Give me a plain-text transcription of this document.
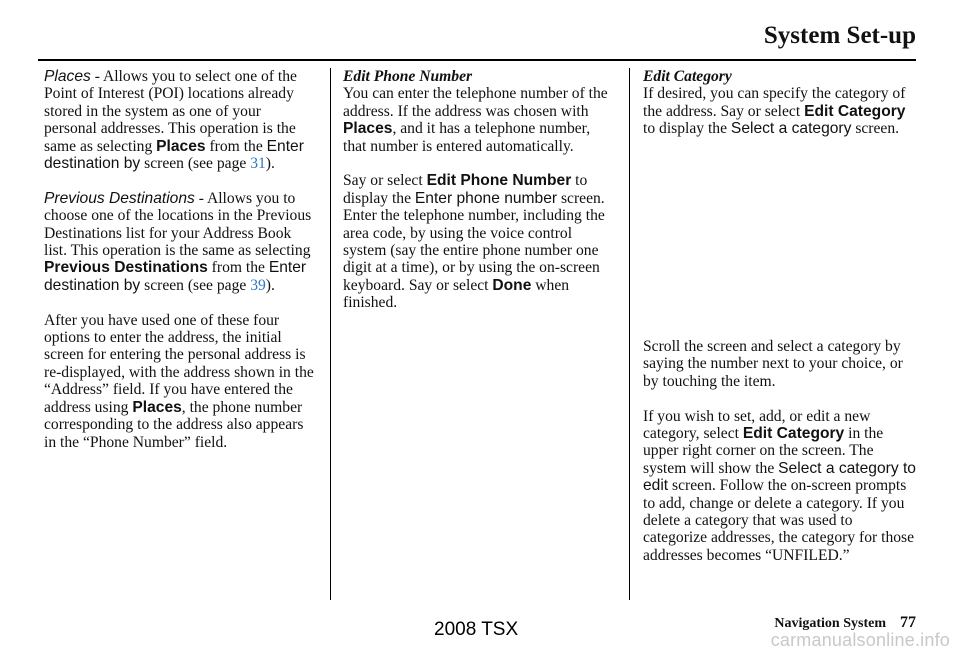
System Set-up

Places - Allows you to select one of the Point of Interest (POI) locations already stored in the system as one of your personal addresses. This operation is the same as selecting Places from the Enter destination by screen (see page 31).

Previous Destinations - Allows you to choose one of the locations in the Previous Destinations list for your Address Book list. This operation is the same as selecting Previous Destinations from the Enter destination by screen (see page 39).

After you have used one of these four options to enter the address, the initial screen for entering the personal address is re-displayed, with the address shown in the “Address” field. If you have entered the address using Places, the phone number corresponding to the address also appears in the “Phone Number” field.

Edit Phone Number

You can enter the telephone number of the address. If the address was chosen with Places, and it has a telephone number, that number is entered automatically.

Say or select Edit Phone Number to display the Enter phone number screen. Enter the telephone number, including the area code, by using the voice control system (say the entire phone number one digit at a time), or by using the on-screen keyboard. Say or select Done when finished.

Edit Category

If desired, you can specify the category of the address. Say or select Edit Category to display the Select a category screen.

Scroll the screen and select a category by saying the number next to your choice, or by touching the item.

If you wish to set, add, or edit a new category, select Edit Category in the upper right corner on the screen. The system will show the Select a category to edit screen. Follow the on-screen prompts to add, change or delete a category. If you delete a category that was used to categorize addresses, the category for those addresses becomes “UNFILED.”

Navigation System 77
2008 TSX	carmanualsonline.info
